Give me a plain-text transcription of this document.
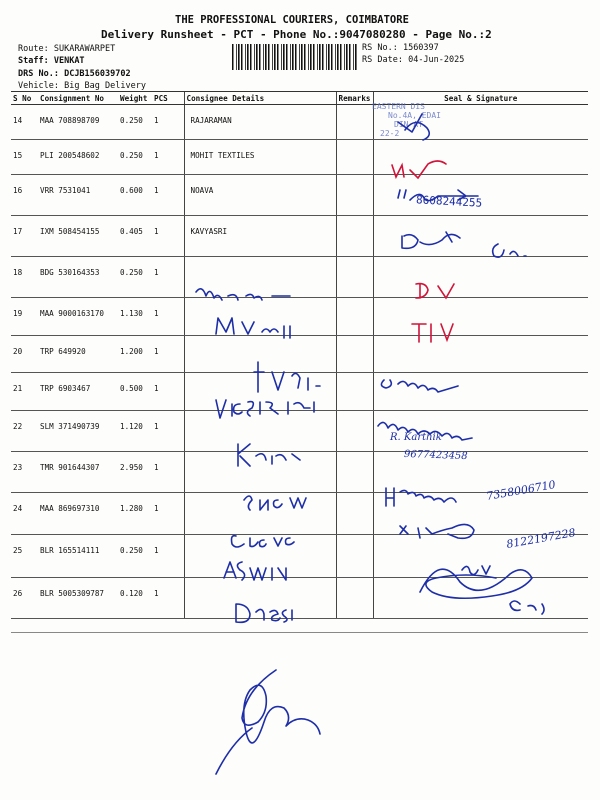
THE PROFESSIONAL COURIERS, COIMBATORE
Delivery Runsheet - PCT - Phone No.:9047080280 - Page No.:2
Route: SUKARAWARPET
Staff: VENKAT
DRS No.: DCJB156039702
Vehicle: Big Bag Delivery
RS No.: 1560397
RS Date: 04-Jun-2025
S No	Consignment No	Weight	PCS	Consignee Details	Remarks	Seal & Signature
14	MAA 708898709	0.250	1	RAJARAMAN		
15	PLI 200548602	0.250	1	MOHIT TEXTILES		
16	VRR 7531041	0.600	1	NOAVA		
17	IXM 508454155	0.405	1	KAVYASRI		
18	BDG 530164353	0.250	1			
19	MAA 9000163170	1.130	1			
20	TRP 649920	1.200	1			
21	TRP 6903467	0.500	1			
22	SLM 371490739	1.120	1			
23	TMR 901644307	2.950	1			
24	MAA 869697310	1.280	1			
25	BLR 165514111	0.250	1			
26	BLR 5005309787	0.120	1			
EASTERN DIS
No.4A, EDAI
DIN AT
22-2
8608244255
R. Karthik
9677423458
7358006710
8122197228
